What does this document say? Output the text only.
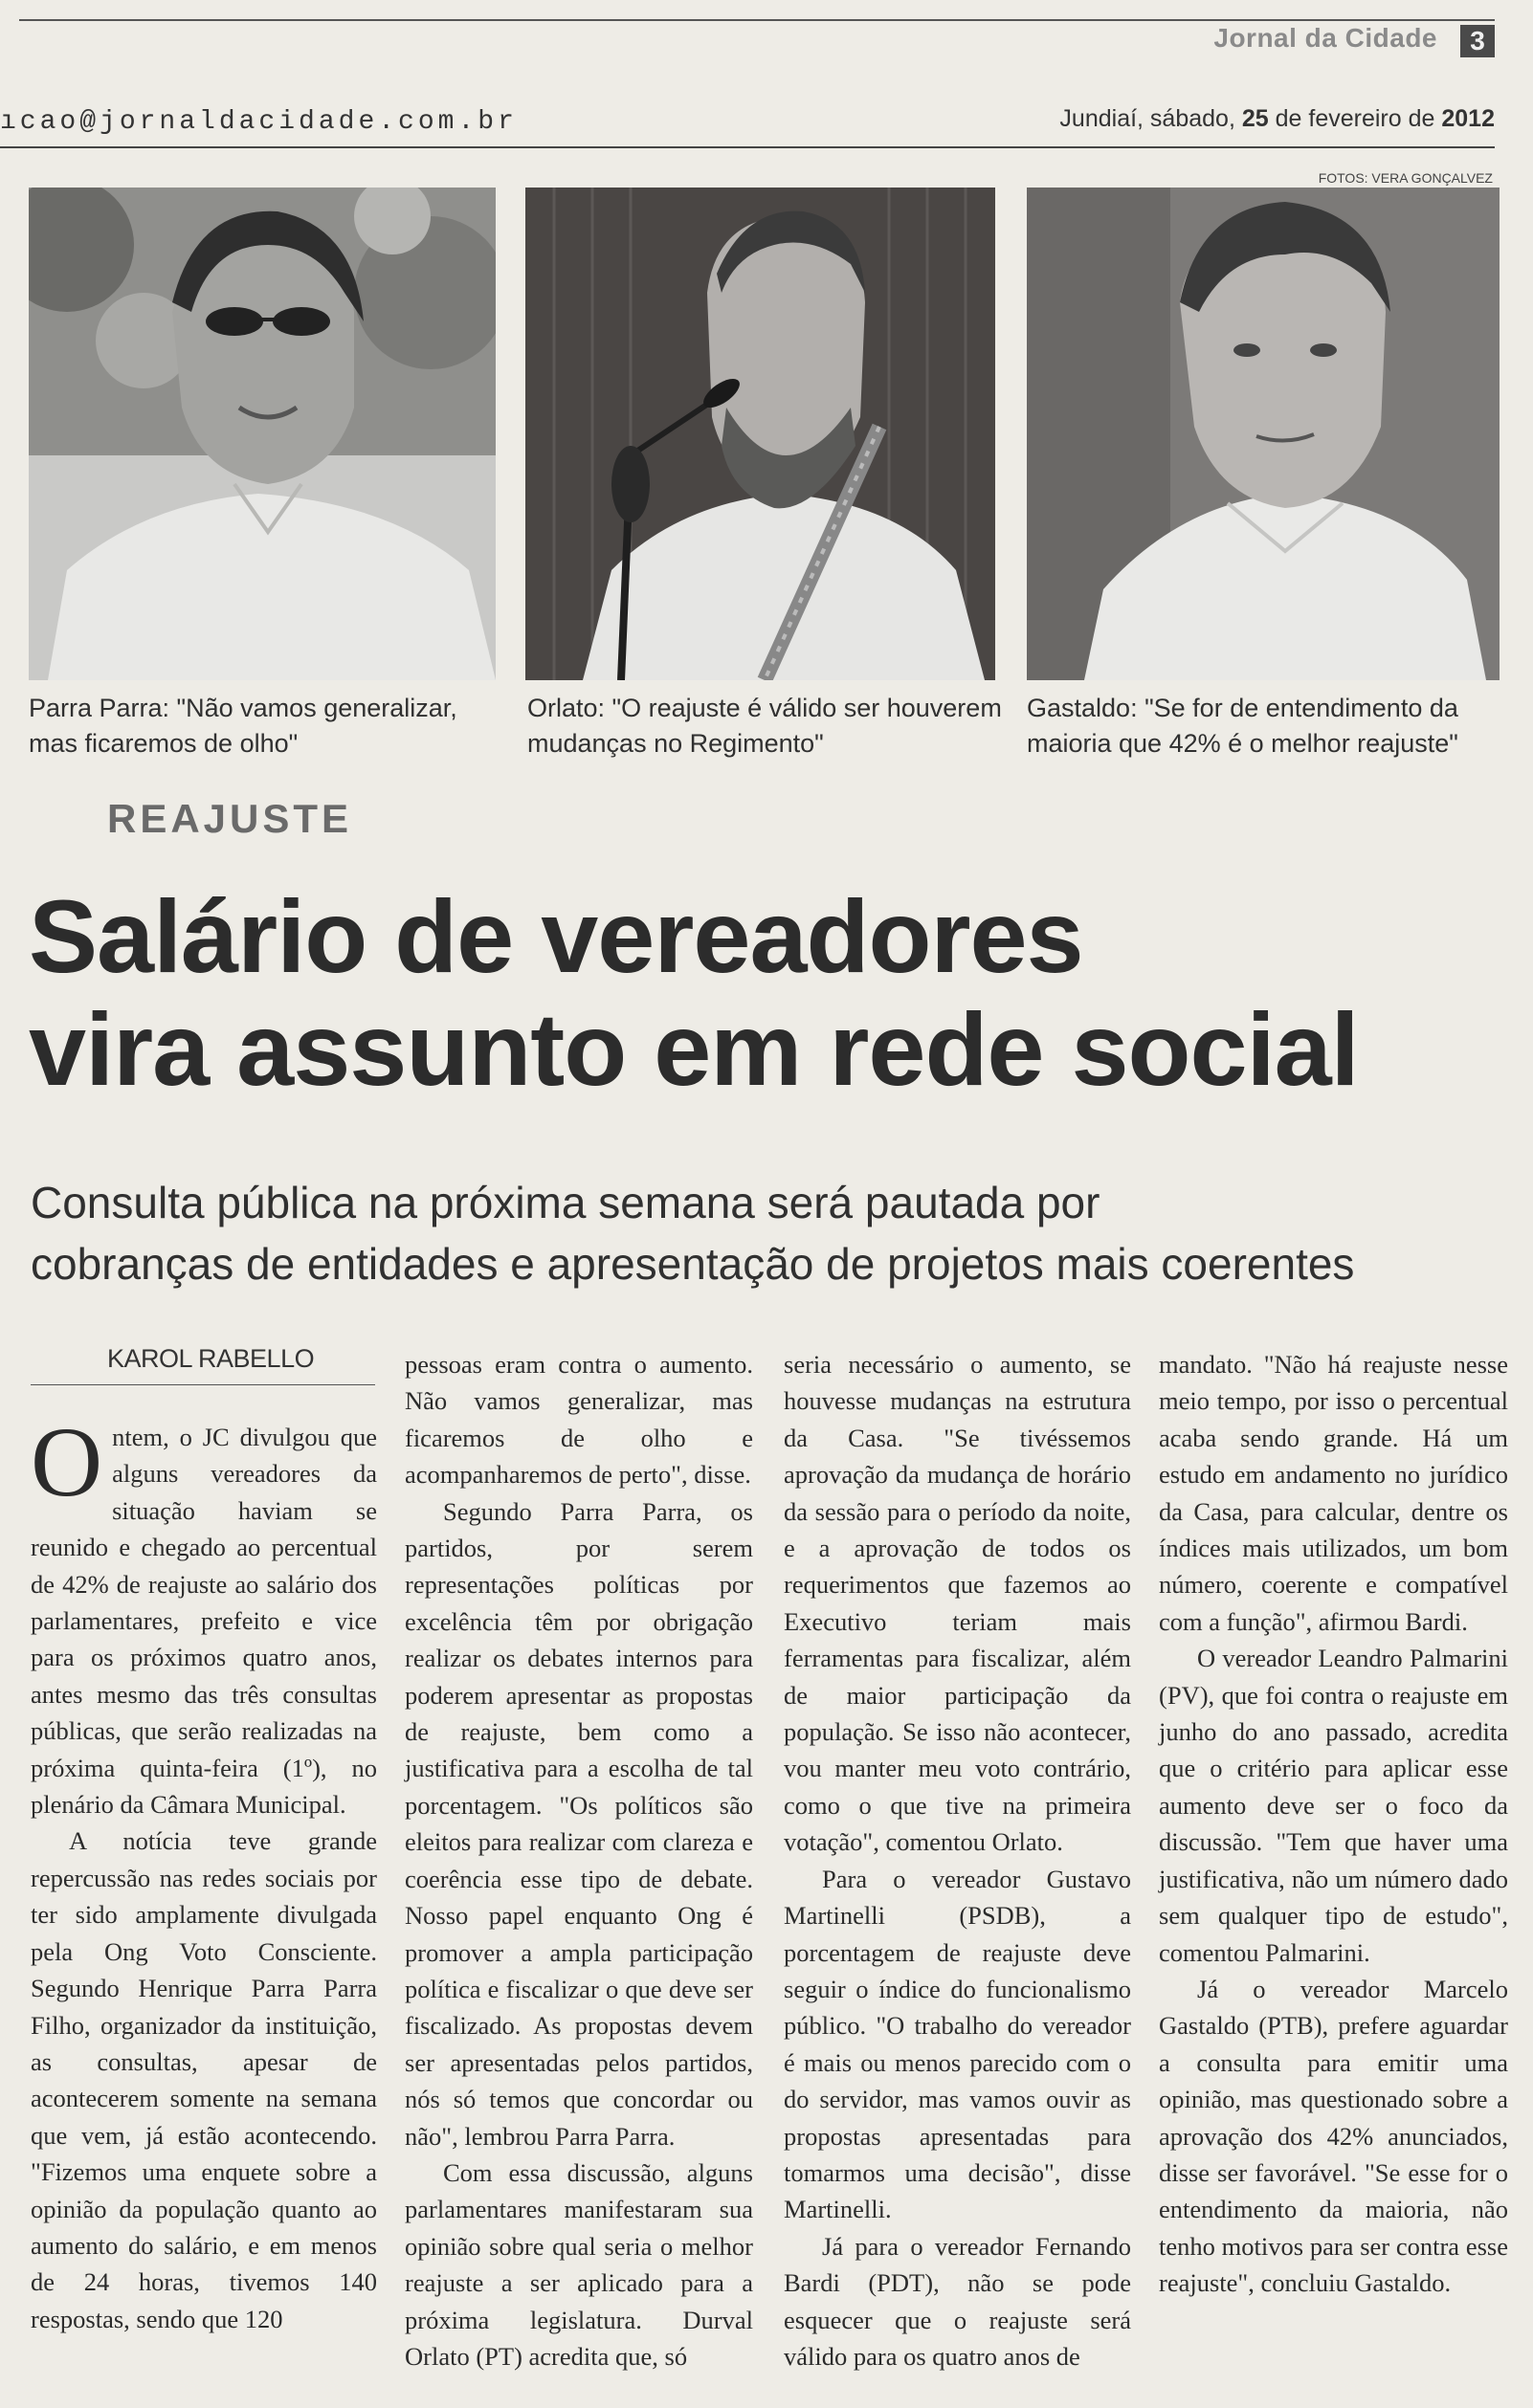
Jornal da Cidade	3
ıcao@jornaldacidade.com.br	Jundiaí, sábado, 25 de fevereiro de 2012
FOTOS: VERA GONÇALVEZ
Parra Parra: "Não vamos generalizar, mas ficaremos de olho"
Orlato: "O reajuste é válido ser houverem mudanças no Regimento"
Gastaldo: "Se for de entendimento da maioria que 42% é o melhor reajuste"
REAJUSTE
Salário de vereadores
vira assunto em rede social
Consulta pública na próxima semana será pautada por
cobranças de entidades e apresentação de projetos mais coerentes
KAROL RABELLO

Ontem, o JC divulgou que alguns vereadores da situação haviam se reunido e chegado ao percentual de 42% de reajuste ao salário dos parlamentares, prefeito e vice para os próximos quatro anos, antes mesmo das três consultas públicas, que serão realizadas na próxima quinta-feira (1º), no plenário da Câmara Municipal.

A notícia teve grande repercussão nas redes sociais por ter sido amplamente divulgada pela Ong Voto Consciente. Segundo Henrique Parra Parra Filho, organizador da instituição, as consultas, apesar de acontecerem somente na semana que vem, já estão acontecendo. "Fizemos uma enquete sobre a opinião da população quanto ao aumento do salário, e em menos de 24 horas, tivemos 140 respostas, sendo que 120

pessoas eram contra o aumento. Não vamos generalizar, mas ficaremos de olho e acompanharemos de perto", disse.

Segundo Parra Parra, os partidos, por serem representações políticas por excelência têm por obrigação realizar os debates internos para poderem apresentar as propostas de reajuste, bem como a justificativa para a escolha de tal porcentagem. "Os políticos são eleitos para realizar com clareza e coerência esse tipo de debate. Nosso papel enquanto Ong é promover a ampla participação política e fiscalizar o que deve ser fiscalizado. As propostas devem ser apresentadas pelos partidos, nós só temos que concordar ou não", lembrou Parra Parra.

Com essa discussão, alguns parlamentares manifestaram sua opinião sobre qual seria o melhor reajuste a ser aplicado para a próxima legislatura. Durval Orlato (PT) acredita que, só

seria necessário o aumento, se houvesse mudanças na estrutura da Casa. "Se tivéssemos aprovação da mudança de horário da sessão para o período da noite, e a aprovação de todos os requerimentos que fazemos ao Executivo teriam mais ferramentas para fiscalizar, além de maior participação da população. Se isso não acontecer, vou manter meu voto contrário, como o que tive na primeira votação", comentou Orlato.

Para o vereador Gustavo Martinelli (PSDB), a porcentagem de reajuste deve seguir o índice do funcionalismo público. "O trabalho do vereador é mais ou menos parecido com o do servidor, mas vamos ouvir as propostas apresentadas para tomarmos uma decisão", disse Martinelli.

Já para o vereador Fernando Bardi (PDT), não se pode esquecer que o reajuste será válido para os quatro anos de

mandato. "Não há reajuste nesse meio tempo, por isso o percentual acaba sendo grande. Há um estudo em andamento no jurídico da Casa, para calcular, dentre os índices mais utilizados, um bom número, coerente e compatível com a função", afirmou Bardi.

O vereador Leandro Palmarini (PV), que foi contra o reajuste em junho do ano passado, acredita que o critério para aplicar esse aumento deve ser o foco da discussão. "Tem que haver uma justificativa, não um número dado sem qualquer tipo de estudo", comentou Palmarini.

Já o vereador Marcelo Gastaldo (PTB), prefere aguardar a consulta para emitir uma opinião, mas questionado sobre a aprovação dos 42% anunciados, disse ser favorável. "Se esse for o entendimento da maioria, não tenho motivos para ser contra esse reajuste", concluiu Gastaldo.
